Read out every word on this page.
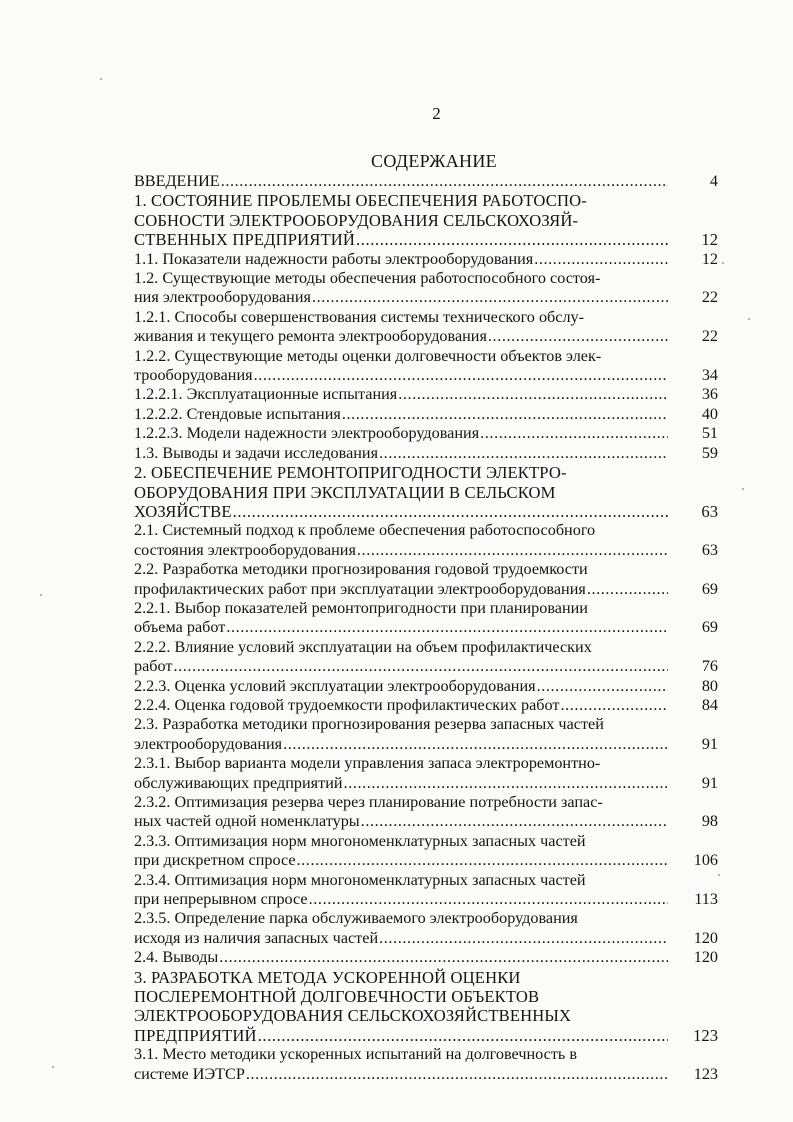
2
СОДЕРЖАНИЕ
ВВЕДЕНИЕ .....	4
1. СОСТОЯНИЕ ПРОБЛЕМЫ ОБЕСПЕЧЕНИЯ РАБОТОСПО-
СОБНОСТИ ЭЛЕКТРООБОРУДОВАНИЯ СЕЛЬСКОХОЗЯЙ-
СТВЕННЫХ ПРЕДПРИЯТИЙ .....	12
1.1. Показатели надежности работы электрооборудования .....	12
1.2. Существующие методы обеспечения работоспособного состоя-
ния электрооборудования .....	22
1.2.1. Способы совершенствования системы технического обслу-
живания и текущего ремонта электрооборудования .....	22
1.2.2. Существующие методы оценки долговечности объектов элек-
трооборудования .....	34
1.2.2.1. Эксплуатационные испытания .....	36
1.2.2.2. Стендовые испытания .....	40
1.2.2.3. Модели надежности электрооборудования .....	51
1.3. Выводы и задачи исследования .....	59
2. ОБЕСПЕЧЕНИЕ РЕМОНТОПРИГОДНОСТИ ЭЛЕКТРО-
ОБОРУДОВАНИЯ ПРИ ЭКСПЛУАТАЦИИ В СЕЛЬСКОМ
ХОЗЯЙСТВЕ .....	63
2.1. Системный подход к проблеме обеспечения работоспособного
состояния электрооборудования .....	63
2.2. Разработка методики прогнозирования годовой трудоемкости
профилактических работ при эксплуатации электрооборудования .....	69
2.2.1. Выбор показателей ремонтопригодности при планировании
объема работ .....	69
2.2.2. Влияние условий эксплуатации на объем профилактических
работ .....	76
2.2.3. Оценка условий эксплуатации электрооборудования .....	80
2.2.4. Оценка годовой трудоемкости профилактических работ .....	84
2.3. Разработка методики прогнозирования резерва запасных частей
электрооборудования .....	91
2.3.1. Выбор варианта модели управления запаса электроремонтно-
обслуживающих предприятий .....	91
2.3.2. Оптимизация резерва через планирование потребности запас-
ных частей одной номенклатуры .....	98
2.3.3. Оптимизация норм многономенклатурных запасных частей
при дискретном спросе .....	106
2.3.4. Оптимизация норм многономенклатурных запасных частей
при непрерывном спросе .....	113
2.3.5. Определение парка обслуживаемого электрооборудования
исходя из наличия запасных частей .....	120
2.4. Выводы .....	120
3. РАЗРАБОТКА МЕТОДА УСКОРЕННОЙ ОЦЕНКИ
ПОСЛЕРЕМОНТНОЙ ДОЛГОВЕЧНОСТИ ОБЪЕКТОВ
ЭЛЕКТРООБОРУДОВАНИЯ СЕЛЬСКОХОЗЯЙСТВЕННЫХ
ПРЕДПРИЯТИЙ .....	123
3.1. Место методики ускоренных испытаний на долговечность в
системе ИЭТСР .....	123
